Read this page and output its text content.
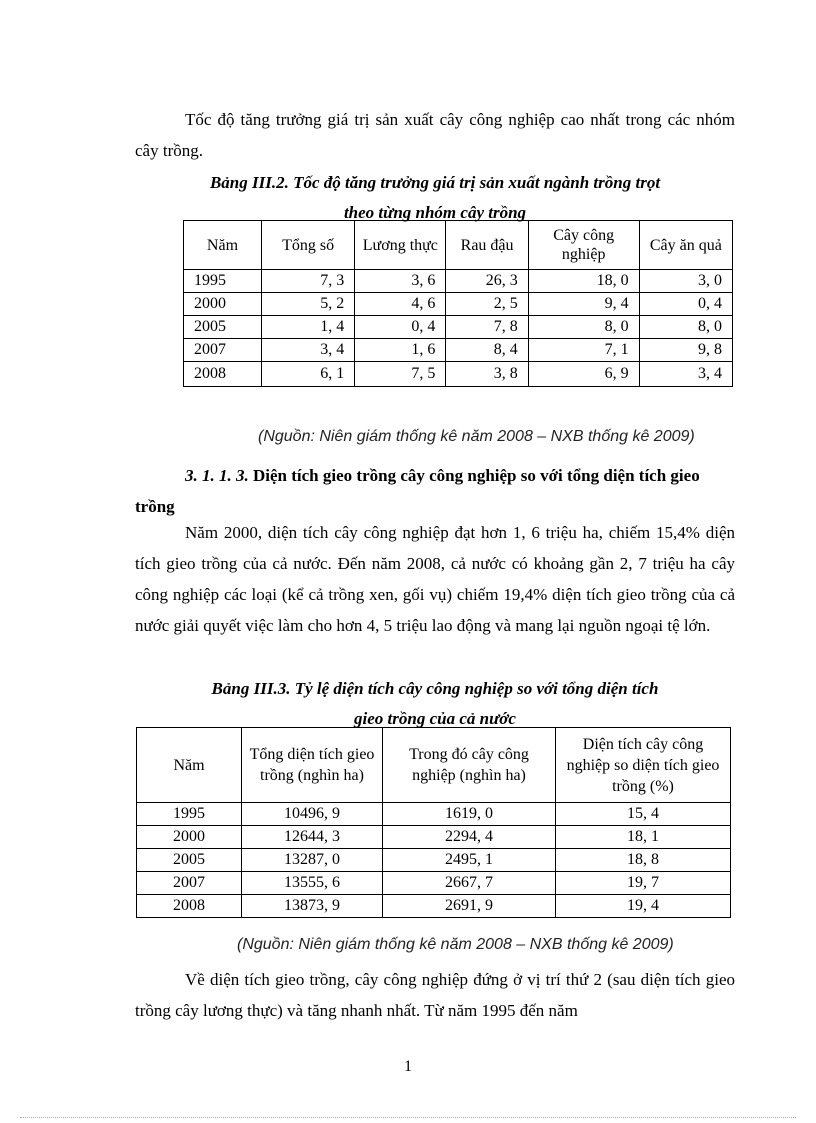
Tốc độ tăng trưởng giá trị sản xuất cây công nghiệp cao nhất trong các nhóm cây trồng.
Bảng III.2. Tốc độ tăng trưởng giá trị sản xuất ngành trồng trọt
theo từng nhóm cây trồng
Năm	Tổng số	Lương thực	Rau đậu	Cây công nghiệp	Cây ăn quả
1995	7, 3	3, 6	26, 3	18, 0	3, 0
2000	5, 2	4, 6	2, 5	9, 4	0, 4
2005	1, 4	0, 4	7, 8	8, 0	8, 0
2007	3, 4	1, 6	8, 4	7, 1	9, 8
2008	6, 1	7, 5	3, 8	6, 9	3, 4
(Nguồn: Niên giám thống kê năm 2008 – NXB thống kê 2009)
3. 1. 1. 3. Diện tích gieo trồng cây công nghiệp so với tổng diện tích gieo trồng
Năm 2000, diện tích cây công nghiệp đạt hơn 1, 6 triệu ha, chiếm 15,4% diện tích gieo trồng của cả nước. Đến năm 2008, cả nước có khoảng gần 2, 7 triệu ha cây công nghiệp các loại (kể cả trồng xen, gối vụ) chiếm 19,4% diện tích gieo trồng của cả nước giải quyết việc làm cho hơn 4, 5 triệu lao động và mang lại nguồn ngoại tệ lớn.
Bảng III.3. Tỷ lệ diện tích cây công nghiệp so với tổng diện tích
gieo trồng của cả nước
Năm	Tổng diện tích gieo trồng (nghìn ha)	Trong đó cây công nghiệp (nghìn ha)	Diện tích cây công nghiệp so diện tích gieo trồng (%)
1995	10496, 9	1619, 0	15, 4
2000	12644, 3	2294, 4	18, 1
2005	13287, 0	2495, 1	18, 8
2007	13555, 6	2667, 7	19, 7
2008	13873, 9	2691, 9	19, 4
(Nguồn: Niên giám thống kê năm 2008 – NXB thống kê 2009)
Về diện tích gieo trồng, cây công nghiệp đứng ở vị trí thứ 2 (sau diện tích gieo trồng cây lương thực) và tăng nhanh nhất. Từ năm 1995 đến năm
1
